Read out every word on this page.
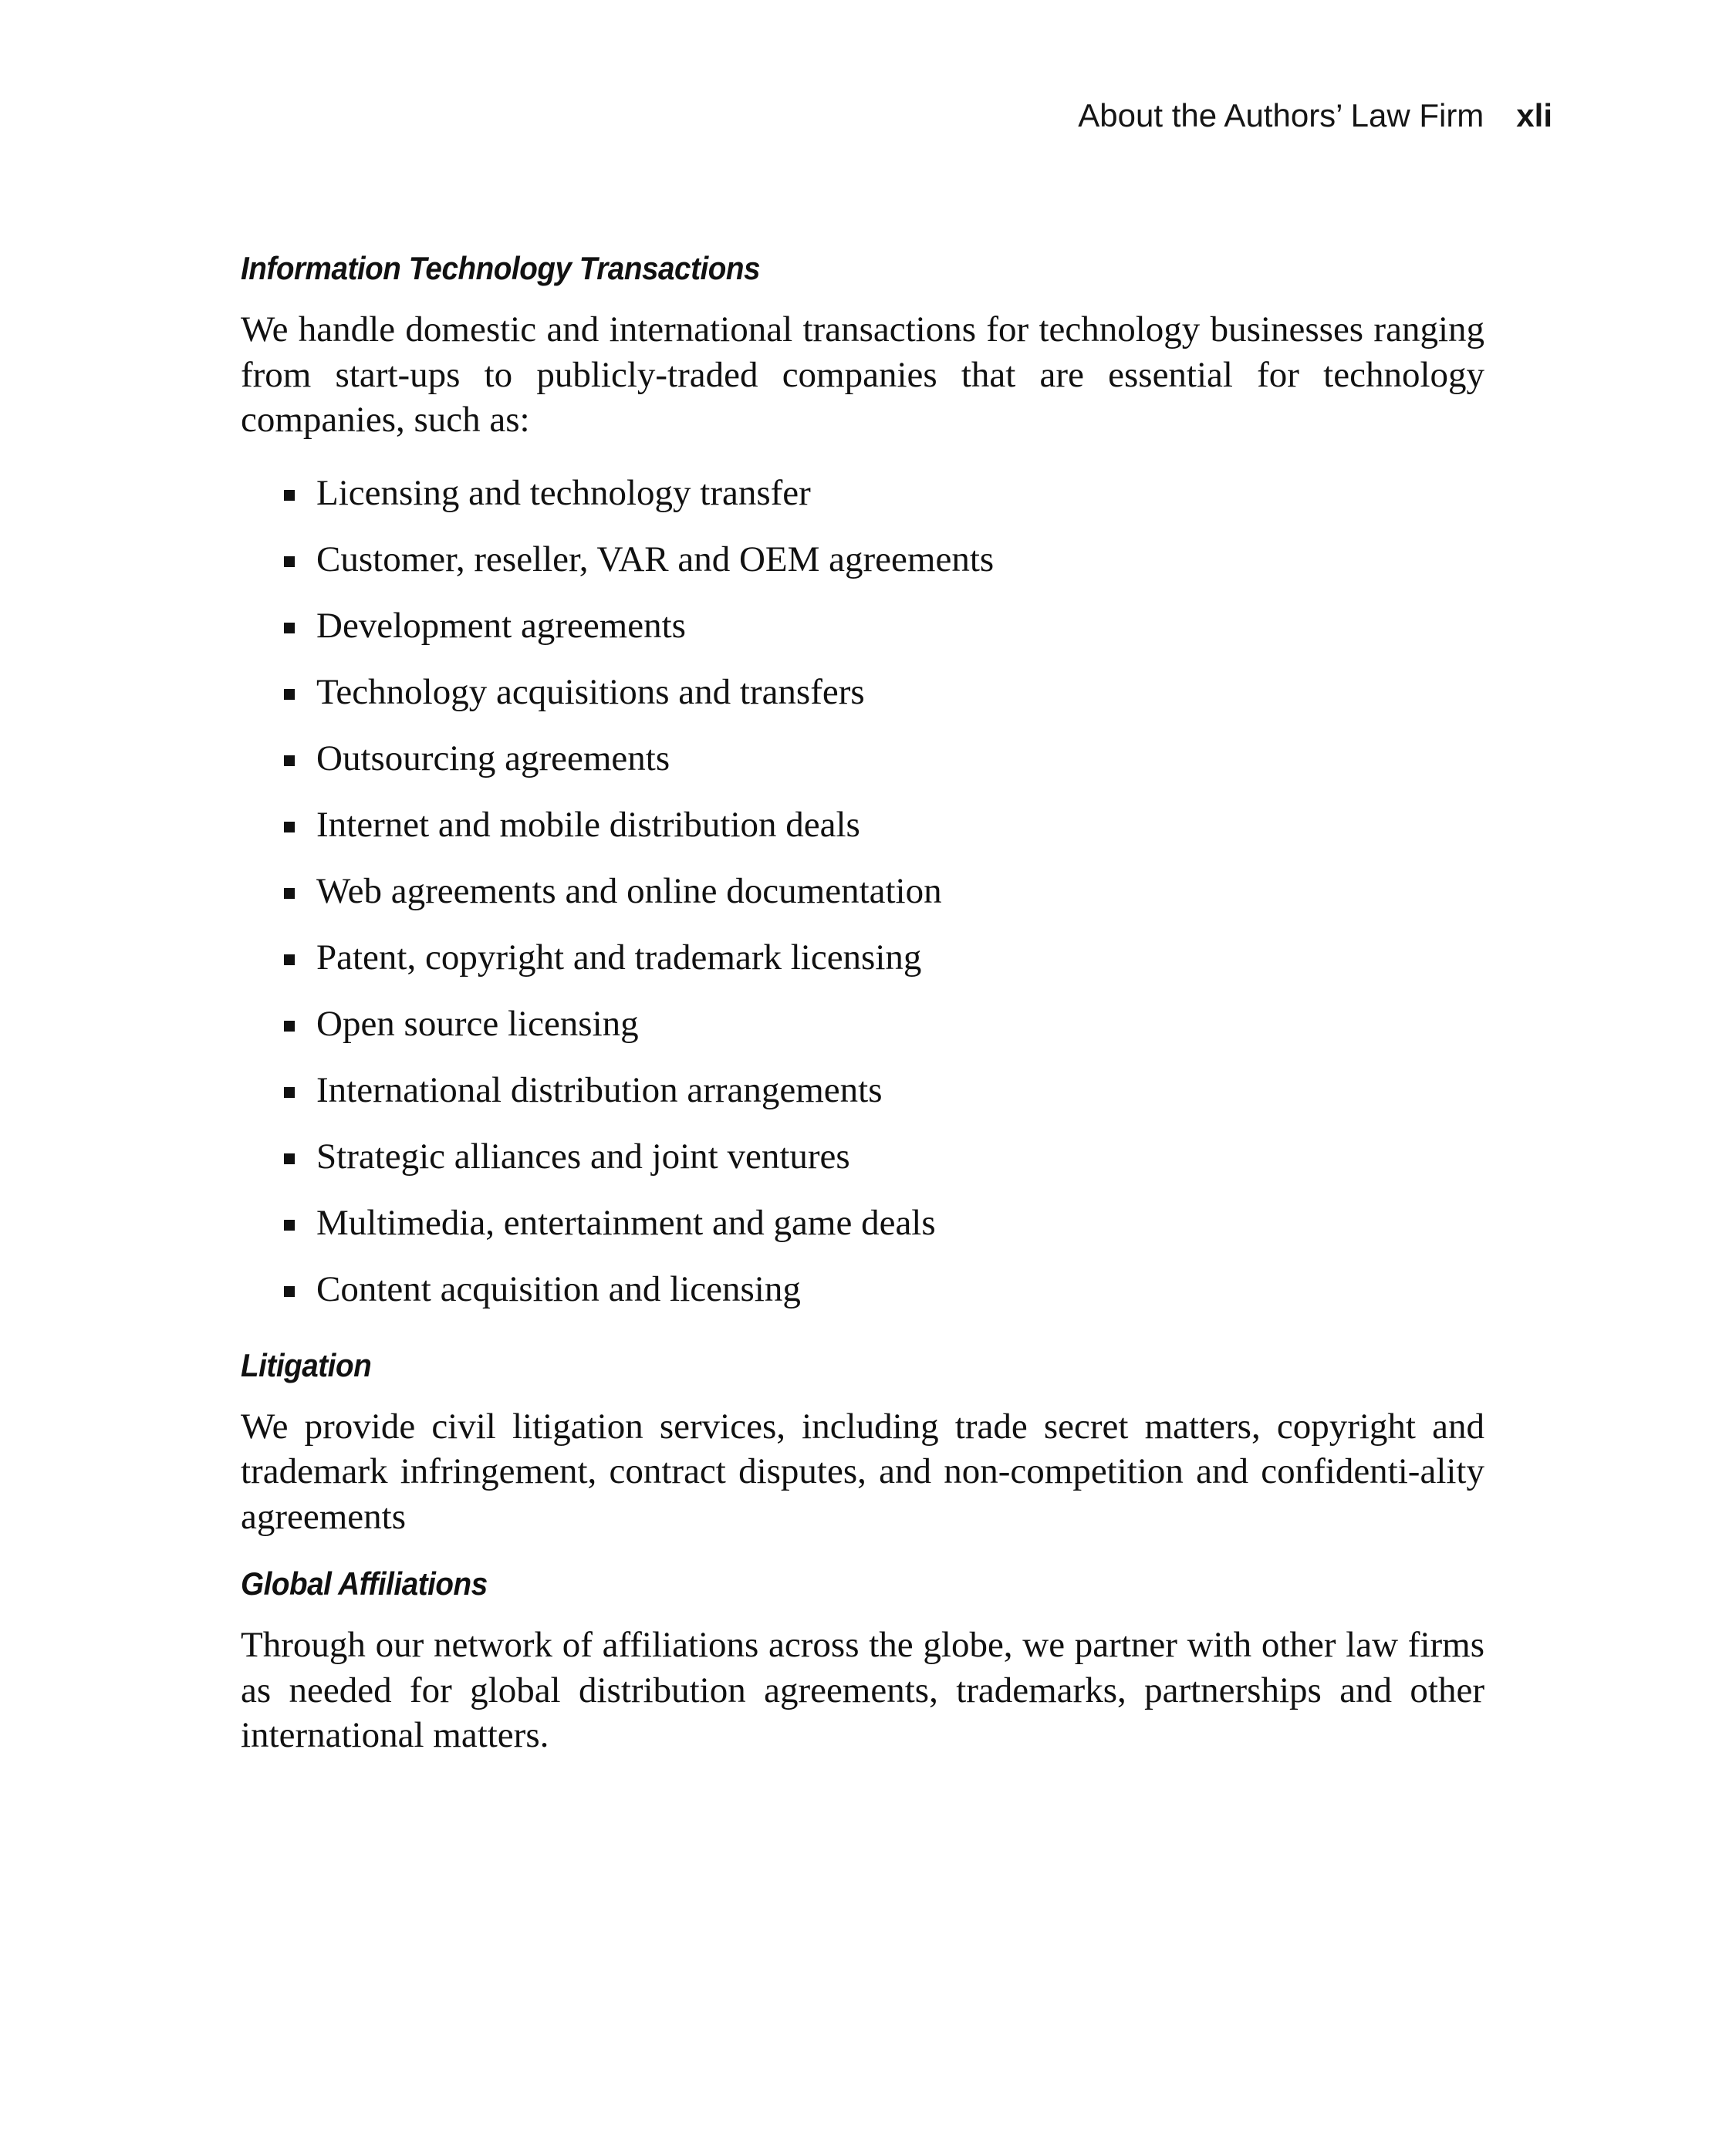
About the Authors’ Law Firm xli
Information Technology Transactions

We handle domestic and international transactions for technology businesses ranging from start-ups to publicly-traded companies that are essential for technology companies, such as:

Licensing and technology transfer
Customer, reseller, VAR and OEM agreements
Development agreements
Technology acquisitions and transfers
Outsourcing agreements
Internet and mobile distribution deals
Web agreements and online documentation
Patent, copyright and trademark licensing
Open source licensing
International distribution arrangements
Strategic alliances and joint ventures
Multimedia, entertainment and game deals
Content acquisition and licensing
Litigation

We provide civil litigation services, including trade secret matters, copyright and trademark infringement, contract disputes, and non-competition and confidenti-ality agreements

Global Affiliations

Through our network of affiliations across the globe, we partner with other law firms as needed for global distribution agreements, trademarks, partnerships and other international matters.
